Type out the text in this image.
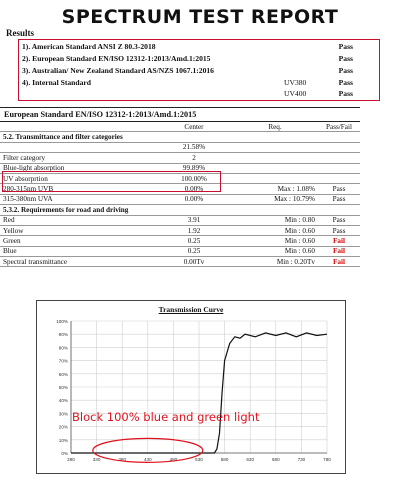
SPECTRUM TEST REPORT
Results
1). American Standard ANSI Z 80.3-2018	Pass
2). European Standard EN/ISO 12312-1:2013/Amd.1:2015	Pass
3). Australian/ New Zealand Standard AS/NZS 1067.1:2016	Pass
4). Internal Standard	UV380	Pass
UV400	Pass
European Standard EN/ISO 12312-1:2013/Amd.1:2015
	Center	Req.	Pass/Fail
5.2. Transmittance and filter categories			
	21.58%		
Filter category	2		
Blue-light absorption	99.89%		
UV absorprtion	100.00%		
280-315nm UVB	0.00%	Max : 1.08%	Pass
315-380nm UVA	0.00%	Max : 10.79%	Pass
5.3.2. Requirements for road and driving			
Red	3.91	Min : 0.80	Pass
Yellow	1.92	Min : 0.60	Pass
Green	0.25	Min : 0.60	Fail
Blue	0.25	Min : 0.60	Fail
Spectral transmittance	0.00Tv	Min : 0.20Tv	Fail
Transmission Curve
0%
10%
20%
30%
40%
50%
60%
70%
80%
90%
100%
280	330	380	430	480	530	580	630	680	730	780
Block 100% blue and green light
